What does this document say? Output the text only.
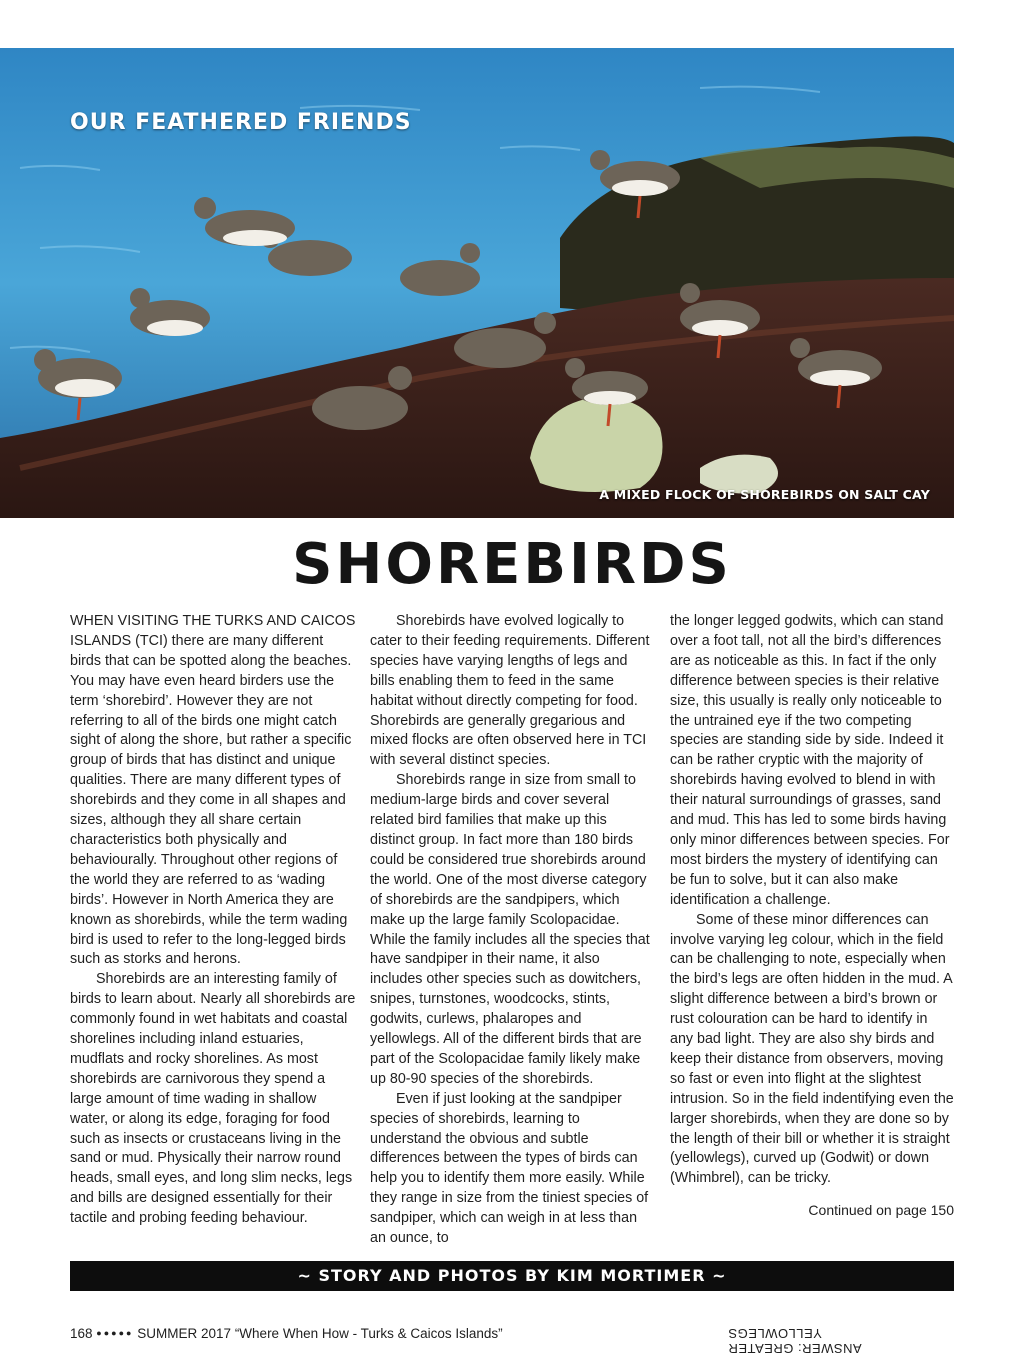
OUR FEATHERED FRIENDS
A MIXED FLOCK OF SHOREBIRDS ON SALT CAY
SHOREBIRDS

WHEN VISITING THE TURKS AND CAICOS ISLANDS (TCI) there are many different birds that can be spotted along the beaches. You may have even heard birders use the term ‘shorebird’. However they are not referring to all of the birds one might catch sight of along the shore, but rather a specific group of birds that has distinct and unique qualities. There are many different types of shorebirds and they come in all shapes and sizes, although they all share certain characteristics both physically and behaviourally. Throughout other regions of the world they are referred to as ‘wading birds’. However in North America they are known as shorebirds, while the term wading bird is used to refer to the long-legged birds such as storks and herons.

Shorebirds are an interesting family of birds to learn about. Nearly all shorebirds are commonly found in wet habitats and coastal shorelines including inland estuaries, mudflats and rocky shorelines. As most shorebirds are carnivorous they spend a large amount of time wading in shallow water, or along its edge, foraging for food such as insects or crustaceans living in the sand or mud. Physically their narrow round heads, small eyes, and long slim necks, legs and bills are designed essentially for their tactile and probing feeding behaviour.

Shorebirds have evolved logically to cater to their feeding requirements. Different species have varying lengths of legs and bills enabling them to feed in the same habitat without directly competing for food. Shorebirds are generally gregarious and mixed flocks are often observed here in TCI with several distinct species.

Shorebirds range in size from small to medium-large birds and cover several related bird families that make up this distinct group. In fact more than 180 birds could be considered true shorebirds around the world. One of the most diverse category of shorebirds are the sandpipers, which make up the large family Scolopacidae. While the family includes all the species that have sandpiper in their name, it also includes other species such as dowitchers, snipes, turnstones, woodcocks, stints, godwits, curlews, phalaropes and yellowlegs. All of the different birds that are part of the Scolopacidae family likely make up 80-90 species of the shorebirds.

Even if just looking at the sandpiper species of shorebirds, learning to understand the obvious and subtle differences between the types of birds can help you to identify them more easily. While they range in size from the tiniest species of sandpiper, which can weigh in at less than an ounce, to

the longer legged godwits, which can stand over a foot tall, not all the bird’s differences are as noticeable as this. In fact if the only difference between species is their relative size, this usually is really only noticeable to the untrained eye if the two competing species are standing side by side. Indeed it can be rather cryptic with the majority of shorebirds having evolved to blend in with their natural surroundings of grasses, sand and mud. This has led to some birds having only minor differences between species. For most birders the mystery of identifying can be fun to solve, but it can also make identification a challenge.

Some of these minor differences can involve varying leg colour, which in the field can be challenging to note, especially when the bird’s legs are often hidden in the mud. A slight difference between a bird’s brown or rust colouration can be hard to identify in any bad light. They are also shy birds and keep their distance from observers, moving so fast or even into flight at the slightest intrusion. So in the field indentifying even the larger shorebirds, when they are done so by the length of their bill or whether it is straight (yellowlegs), curved up (Godwit) or down (Whimbrel), can be tricky.

Continued on page 150
~ STORY AND PHOTOS BY KIM MORTIMER ~
168 ●●●●● SUMMER 2017 “Where When How - Turks & Caicos Islands”
ANSWER: GREATER YELLOWLEGS
